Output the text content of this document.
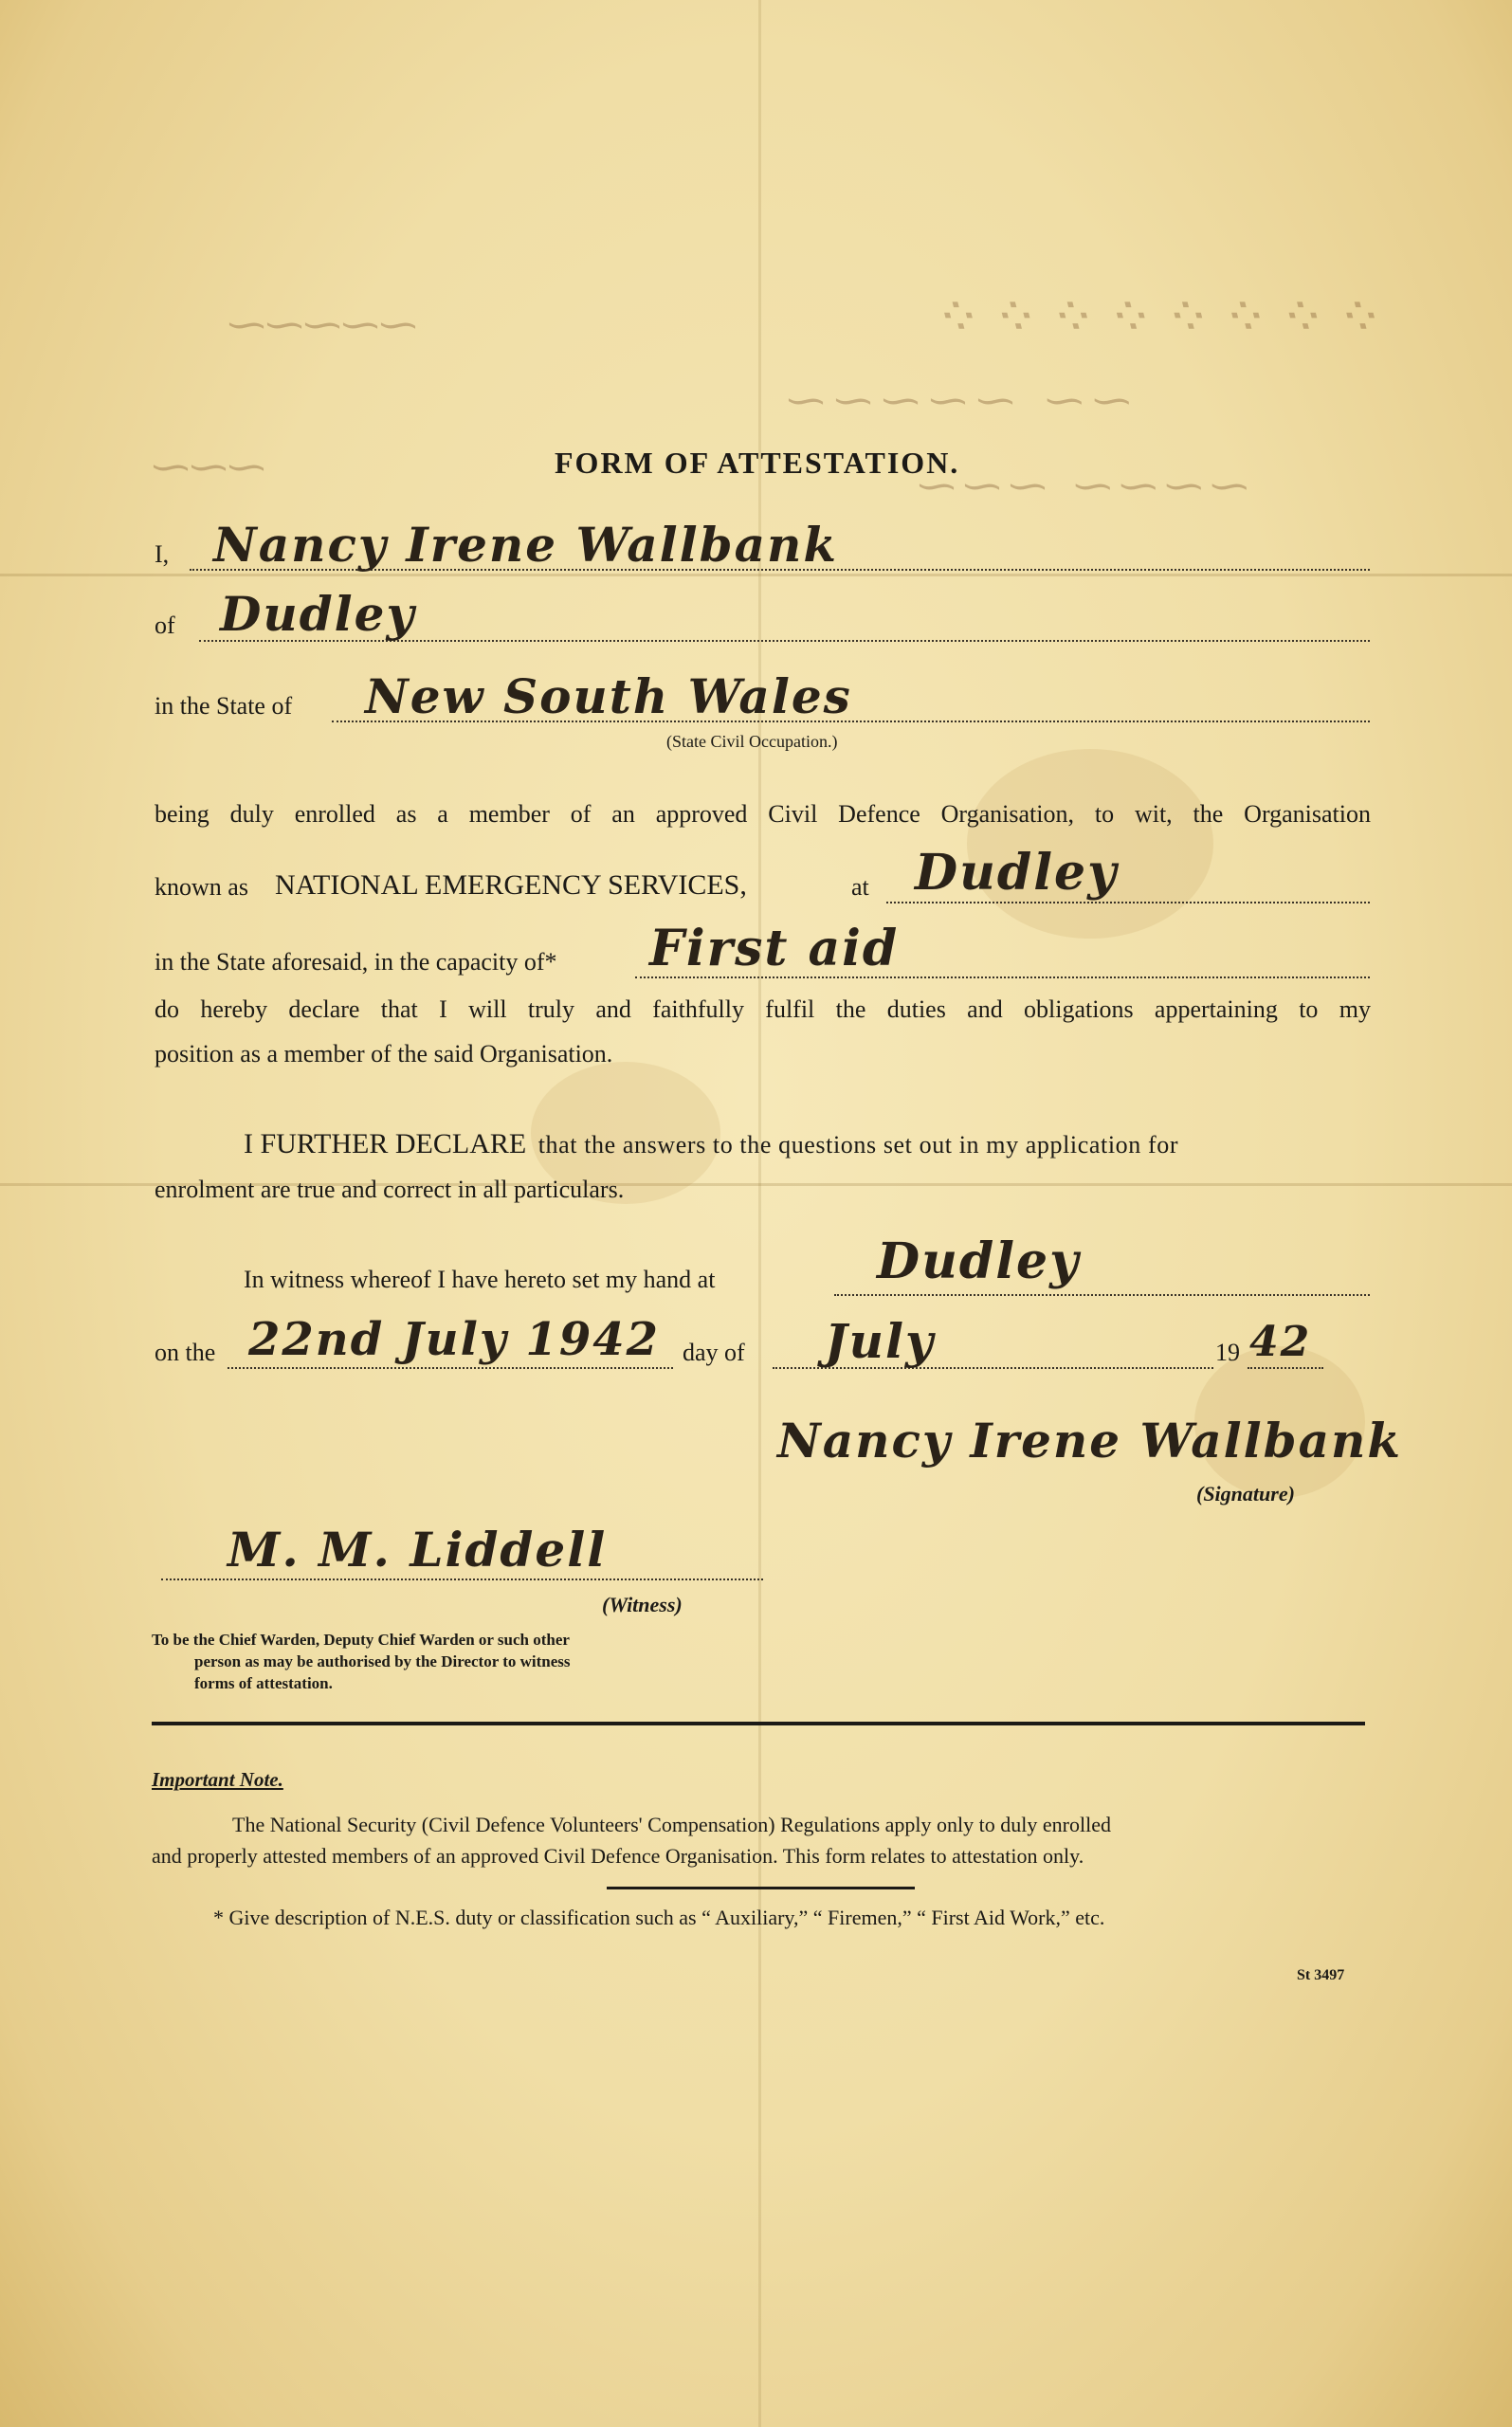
⁘⁘⁘⁘⁘⁘⁘⁘
⁓⁓⁓⁓⁓
⁓⁓ ⁓⁓⁓⁓⁓
⁓⁓⁓⁓ ⁓⁓⁓
⁓⁓⁓	FORM OF ATTESTATION.
I, Nancy Irene Wallbank
of Dudley
in the State of New South Wales
(State Civil Occupation.)
being duly enrolled as a member of an approved Civil Defence Organisation, to wit, the Organisation
known as NATIONAL EMERGENCY SERVICES,	at Dudley
in the State aforesaid, in the capacity of* First aid
do hereby declare that I will truly and faithfully fulfil the duties and obligations appertaining to my
position as a member of the said Organisation.
I FURTHER DECLARE that the answers to the questions set out in my application for
enrolment are true and correct in all particulars.
In witness whereof I have hereto set my hand at	Dudley
on the 22nd July 1942 day of July	19 42
Nancy Irene Wallbank
(Signature)
M. M. Liddell
(Witness)
To be the Chief Warden, Deputy Chief Warden or such other
person as may be authorised by the Director to witness
forms of attestation.
Important Note.
The National Security (Civil Defence Volunteers' Compensation) Regulations apply only to duly enrolled
and properly attested members of an approved Civil Defence Organisation. This form relates to attestation only.
* Give description of N.E.S. duty or classification such as “ Auxiliary,” “ Firemen,” “ First Aid Work,” etc.
St 3497
